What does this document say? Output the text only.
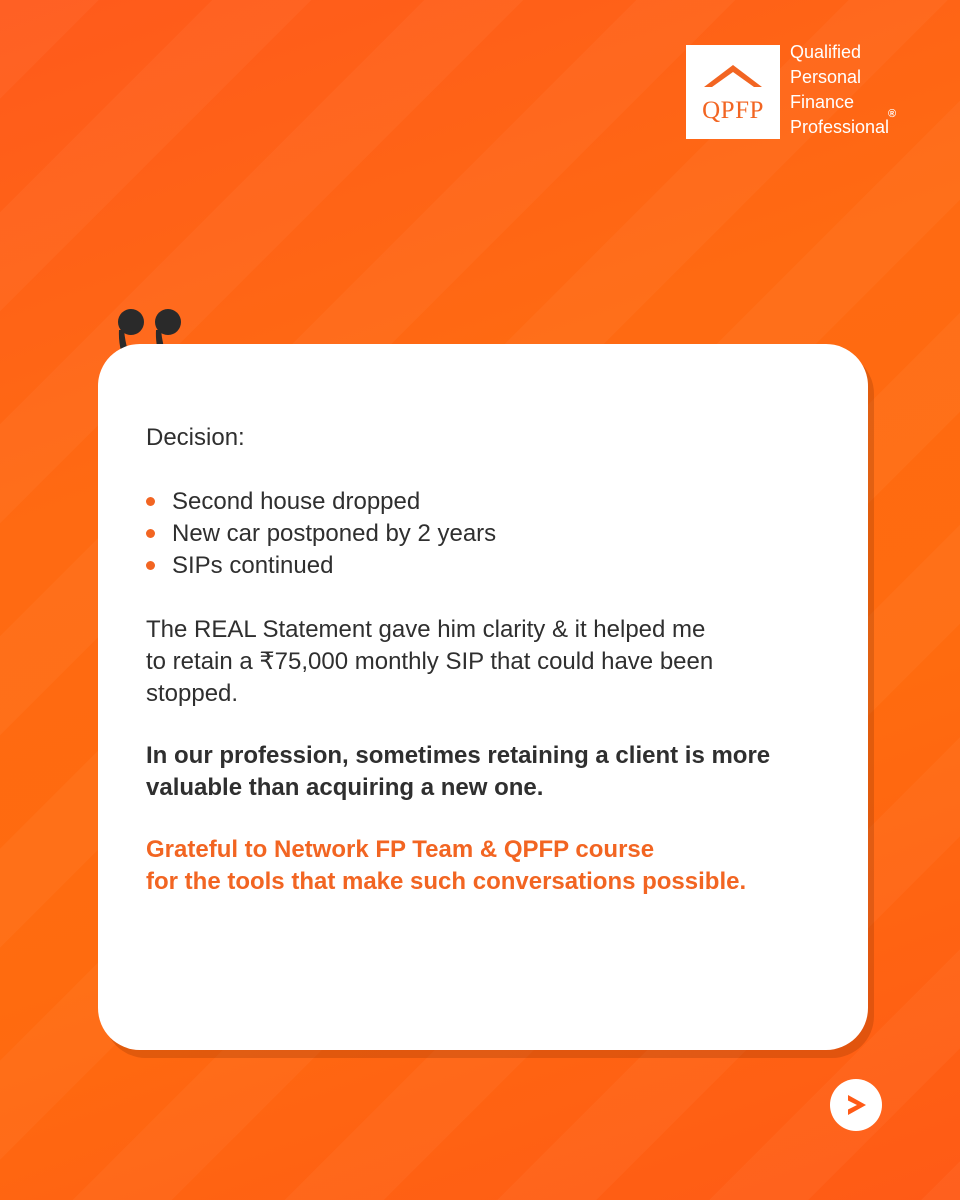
QPFP
Qualified
Personal
Finance
Professional
®

Decision:

Second house dropped
New car postponed by 2 years
SIPs continued

The REAL Statement gave him clarity & it helped me
to retain a ₹75,000 monthly SIP that could have been
stopped.

In our profession, sometimes retaining a client is more
valuable than acquiring a new one.

Grateful to Network FP Team & QPFP course
for the tools that make such conversations possible.
